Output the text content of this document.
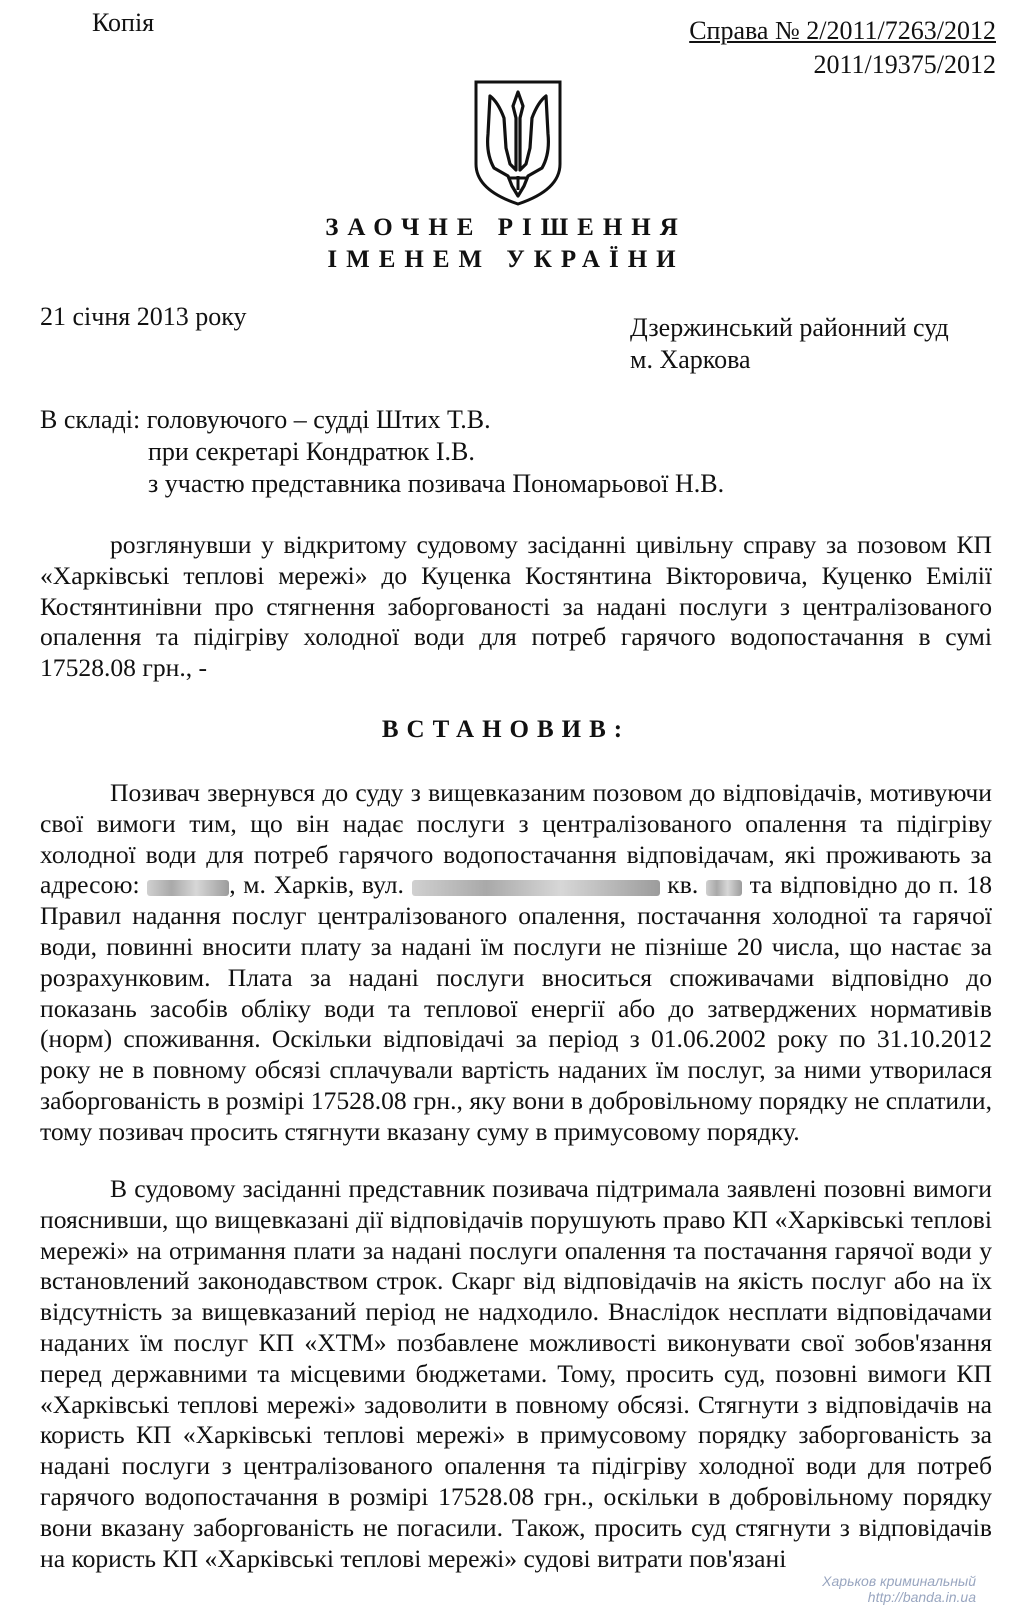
Копія	Справа № 2/2011/7263/2012
2011/19375/2012
ЗАОЧНЕ РІШЕННЯ
ІМЕНЕМ УКРАЇНИ
21 січня 2013 року	Дзержинський районний суд
м. Харкова
В складі: головуючого – судді Штих Т.В.
при секретарі Кондратюк І.В.
з участю представника позивача Пономарьової Н.В.

розглянувши у відкритому судовому засіданні цивільну справу за позовом КП «Харківські теплові мережі» до Куценка Костянтина Вікторовича, Куценко Емілії Костянтинівни про стягнення заборгованості за надані послуги з централізованого опалення та підігріву холодної води для потреб гарячого водопостачання в сумі 17528.08 грн., -

ВСТАНОВИВ:

Позивач звернувся до суду з вищевказаним позовом до відповідачів, мотивуючи свої вимоги тим, що він надає послуги з централізованого опалення та підігріву холодної води для потреб гарячого водопостачання відповідачам, які проживають за адресою:	, м. Харків, вул.	кв. та відповідно до п. 18 Правил надання послуг централізованого опалення, постачання холодної та гарячої води, повинні вносити плату за надані їм послуги не пізніше 20 числа, що настає за розрахунковим. Плата за надані послуги вноситься споживачами відповідно до показань засобів обліку води та теплової енергії або до затверджених нормативів (норм) споживання. Оскільки відповідачі за період з 01.06.2002 року по 31.10.2012 року не в повному обсязі сплачували вартість наданих їм послуг, за ними утворилася заборгованість в розмірі 17528.08 грн., яку вони в добровільному порядку не сплатили, тому позивач просить стягнути вказану суму в примусовому порядку.

В судовому засіданні представник позивача підтримала заявлені позовні вимоги пояснивши, що вищевказані дії відповідачів порушують право КП «Харківські теплові мережі» на отримання плати за надані послуги опалення та постачання гарячої води у встановлений законодавством строк. Скарг від відповідачів на якість послуг або на їх відсутність за вищевказаний період не надходило. Внаслідок несплати відповідачами наданих їм послуг КП «ХТМ» позбавлене можливості виконувати свої зобов'язання перед державними та місцевими бюджетами. Тому, просить суд, позовні вимоги КП «Харківські теплові мережі» задоволити в повному обсязі. Стягнути з відповідачів на користь КП «Харківські теплові мережі» в примусовому порядку заборгованість за надані послуги з централізованого опалення та підігріву холодної води для потреб гарячого водопостачання в розмірі 17528.08 грн., оскільки в добровільному порядку вони вказану заборгованість не погасили. Також, просить суд стягнути з відповідачів на користь КП «Харківські теплові мережі» судові витрати пов'язані

Харьков криминальный
http://banda.in.ua
